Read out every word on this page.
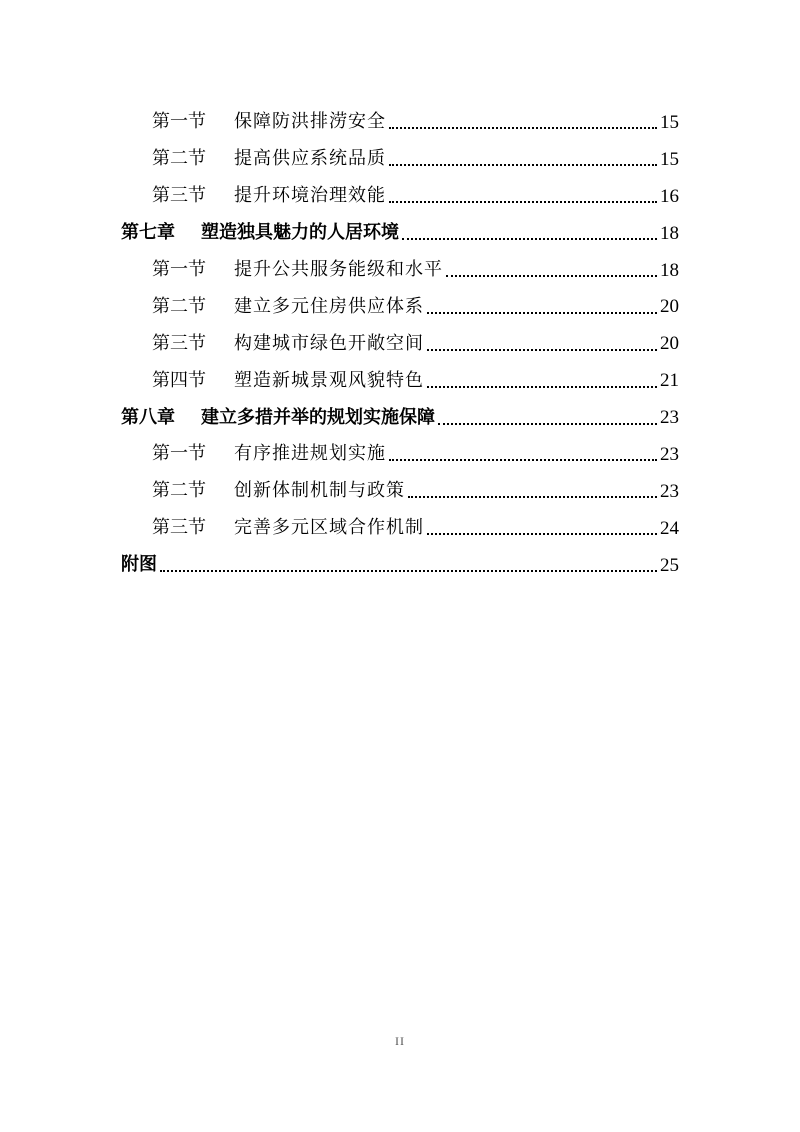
第一节	保障防洪排涝安全	15
第二节	提高供应系统品质	15
第三节	提升环境治理效能	16
第七章	塑造独具魅力的人居环境	18
第一节	提升公共服务能级和水平	18
第二节	建立多元住房供应体系	20
第三节	构建城市绿色开敞空间	20
第四节	塑造新城景观风貌特色	21
第八章	建立多措并举的规划实施保障	23
第一节	有序推进规划实施	23
第二节	创新体制机制与政策	23
第三节	完善多元区域合作机制	24
附图	25
II
